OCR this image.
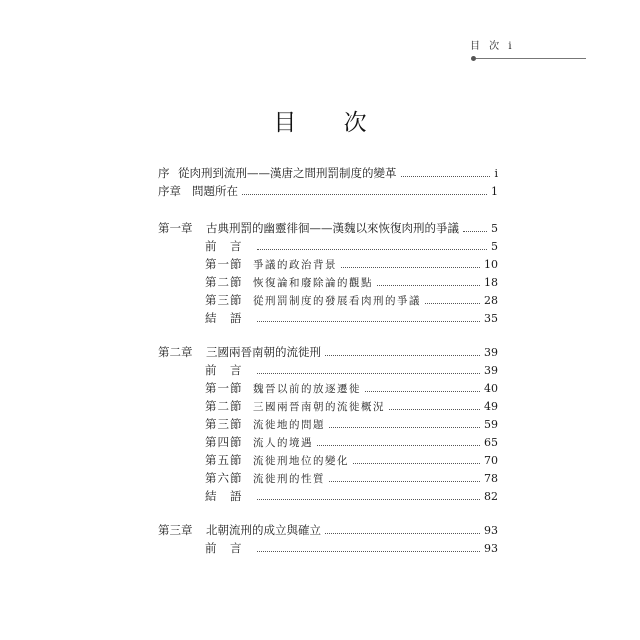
目 次 i
目 次
序 從肉刑到流刑——漢唐之間刑罰制度的變革	i
序章 問題所在	1
第一章 古典刑罰的幽靈徘徊——漢魏以來恢復肉刑的爭議	5
前　言	5
第一節 爭議的政治背景	10
第二節 恢復論和廢除論的觀點	18
第三節 從刑罰制度的發展看肉刑的爭議	28
結　語	35
第二章 三國兩晉南朝的流徙刑	39
前　言	39
第一節 魏晉以前的放逐遷徙	40
第二節 三國兩晉南朝的流徙概況	49
第三節 流徙地的問題	59
第四節 流人的境遇	65
第五節 流徙刑地位的變化	70
第六節 流徙刑的性質	78
結　語	82
第三章 北朝流刑的成立與確立	93
前　言	93
